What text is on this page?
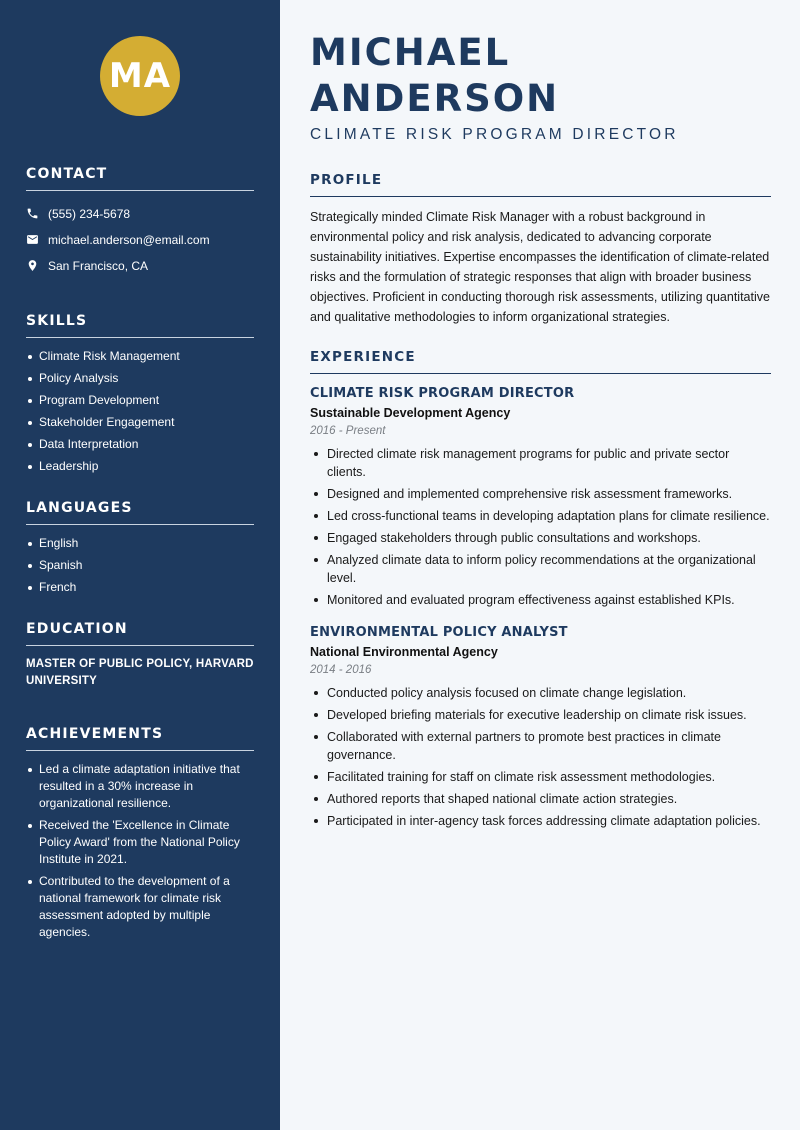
MA
CONTACT
(555) 234-5678
michael.anderson@email.com
San Francisco, CA
SKILLS
Climate Risk Management
Policy Analysis
Program Development
Stakeholder Engagement
Data Interpretation
Leadership
LANGUAGES
English
Spanish
French
EDUCATION
MASTER OF PUBLIC POLICY, HARVARD UNIVERSITY
ACHIEVEMENTS
Led a climate adaptation initiative that resulted in a 30% increase in organizational resilience.
Received the 'Excellence in Climate Policy Award' from the National Policy Institute in 2021.
Contributed to the development of a national framework for climate risk assessment adopted by multiple agencies.
MICHAEL ANDERSON
CLIMATE RISK PROGRAM DIRECTOR
PROFILE

Strategically minded Climate Risk Manager with a robust background in environmental policy and risk analysis, dedicated to advancing corporate sustainability initiatives. Expertise encompasses the identification of climate-related risks and the formulation of strategic responses that align with broader business objectives. Proficient in conducting thorough risk assessments, utilizing quantitative and qualitative methodologies to inform organizational strategies.

EXPERIENCE
CLIMATE RISK PROGRAM DIRECTOR
Sustainable Development Agency
2016 - Present
Directed climate risk management programs for public and private sector clients.
Designed and implemented comprehensive risk assessment frameworks.
Led cross-functional teams in developing adaptation plans for climate resilience.
Engaged stakeholders through public consultations and workshops.
Analyzed climate data to inform policy recommendations at the organizational level.
Monitored and evaluated program effectiveness against established KPIs.
ENVIRONMENTAL POLICY ANALYST
National Environmental Agency
2014 - 2016
Conducted policy analysis focused on climate change legislation.
Developed briefing materials for executive leadership on climate risk issues.
Collaborated with external partners to promote best practices in climate governance.
Facilitated training for staff on climate risk assessment methodologies.
Authored reports that shaped national climate action strategies.
Participated in inter-agency task forces addressing climate adaptation policies.
